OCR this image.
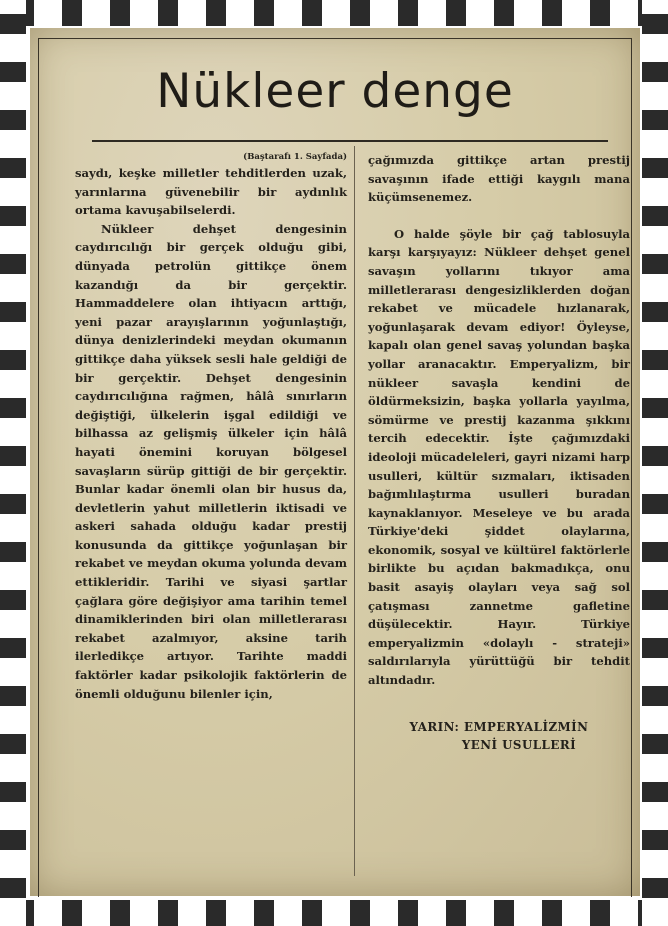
Nükleer denge
(Baştarafı 1. Sayfada)

saydı, keşke milletler tehditlerden uzak, yarınlarına güvenebilir bir aydınlık ortama kavuşabilselerdi.

Nükleer dehşet dengesinin caydırıcılığı bir gerçek olduğu gibi, dünyada petrolün gittikçe önem kazandığı da bir gerçektir. Hammaddelere olan ihtiyacın arttığı, yeni pazar arayışlarının yoğunlaştığı, dünya denizlerindeki meydan okumanın gittikçe daha yüksek sesli hale geldiği de bir gerçektir. Dehşet dengesinin caydırıcılığına rağmen, hâlâ sınırların değiştiği, ülkelerin işgal edildiği ve bilhassa az gelişmiş ülkeler için hâlâ hayati önemini koruyan bölgesel savaşların sürüp gittiği de bir gerçektir. Bunlar kadar önemli olan bir husus da, devletlerin yahut milletlerin iktisadi ve askeri sahada olduğu kadar prestij konusunda da gittikçe yoğunlaşan bir rekabet ve meydan okuma yolunda devam ettikleridir. Tarihi ve siyasi şartlar çağlara göre değişiyor ama tarihin temel dinamiklerinden biri olan milletlerarası rekabet azalmıyor, aksine tarih ilerledikçe artıyor. Tarihte maddi faktörler kadar psikolojik faktörlerin de önemli olduğunu bilenler için,

çağımızda gittikçe artan prestij savaşının ifade ettiği kaygılı mana küçümsenemez.

O halde şöyle bir çağ tablosuyla karşı karşıyayız: Nükleer dehşet genel savaşın yollarını tıkıyor ama milletlerarası dengesizliklerden doğan rekabet ve mücadele hızlanarak, yoğunlaşarak devam ediyor! Öyleyse, kapalı olan genel savaş yolundan başka yollar aranacaktır. Emperyalizm, bir nükleer savaşla kendini de öldürmeksizin, başka yollarla yayılma, sömürme ve prestij kazanma şıkkını tercih edecektir. İşte çağımızdaki ideoloji mücadeleleri, gayri nizami harp usulleri, kültür sızmaları, iktisaden bağımlılaştırma usulleri buradan kaynaklanıyor. Meseleye ve bu arada Türkiye'deki şiddet olaylarına, ekonomik, sosyal ve kültürel faktörlerle birlikte bu açıdan bakmadıkça, onu basit asayiş olayları veya sağ sol çatışması zannetme gafletine düşülecektir. Hayır. Türkiye emperyalizmin «dolaylı - strateji» saldırılarıyla yürüttüğü bir tehdit altındadır.

YARIN: EMPERYALİZMİN
YENİ USULLERİ
